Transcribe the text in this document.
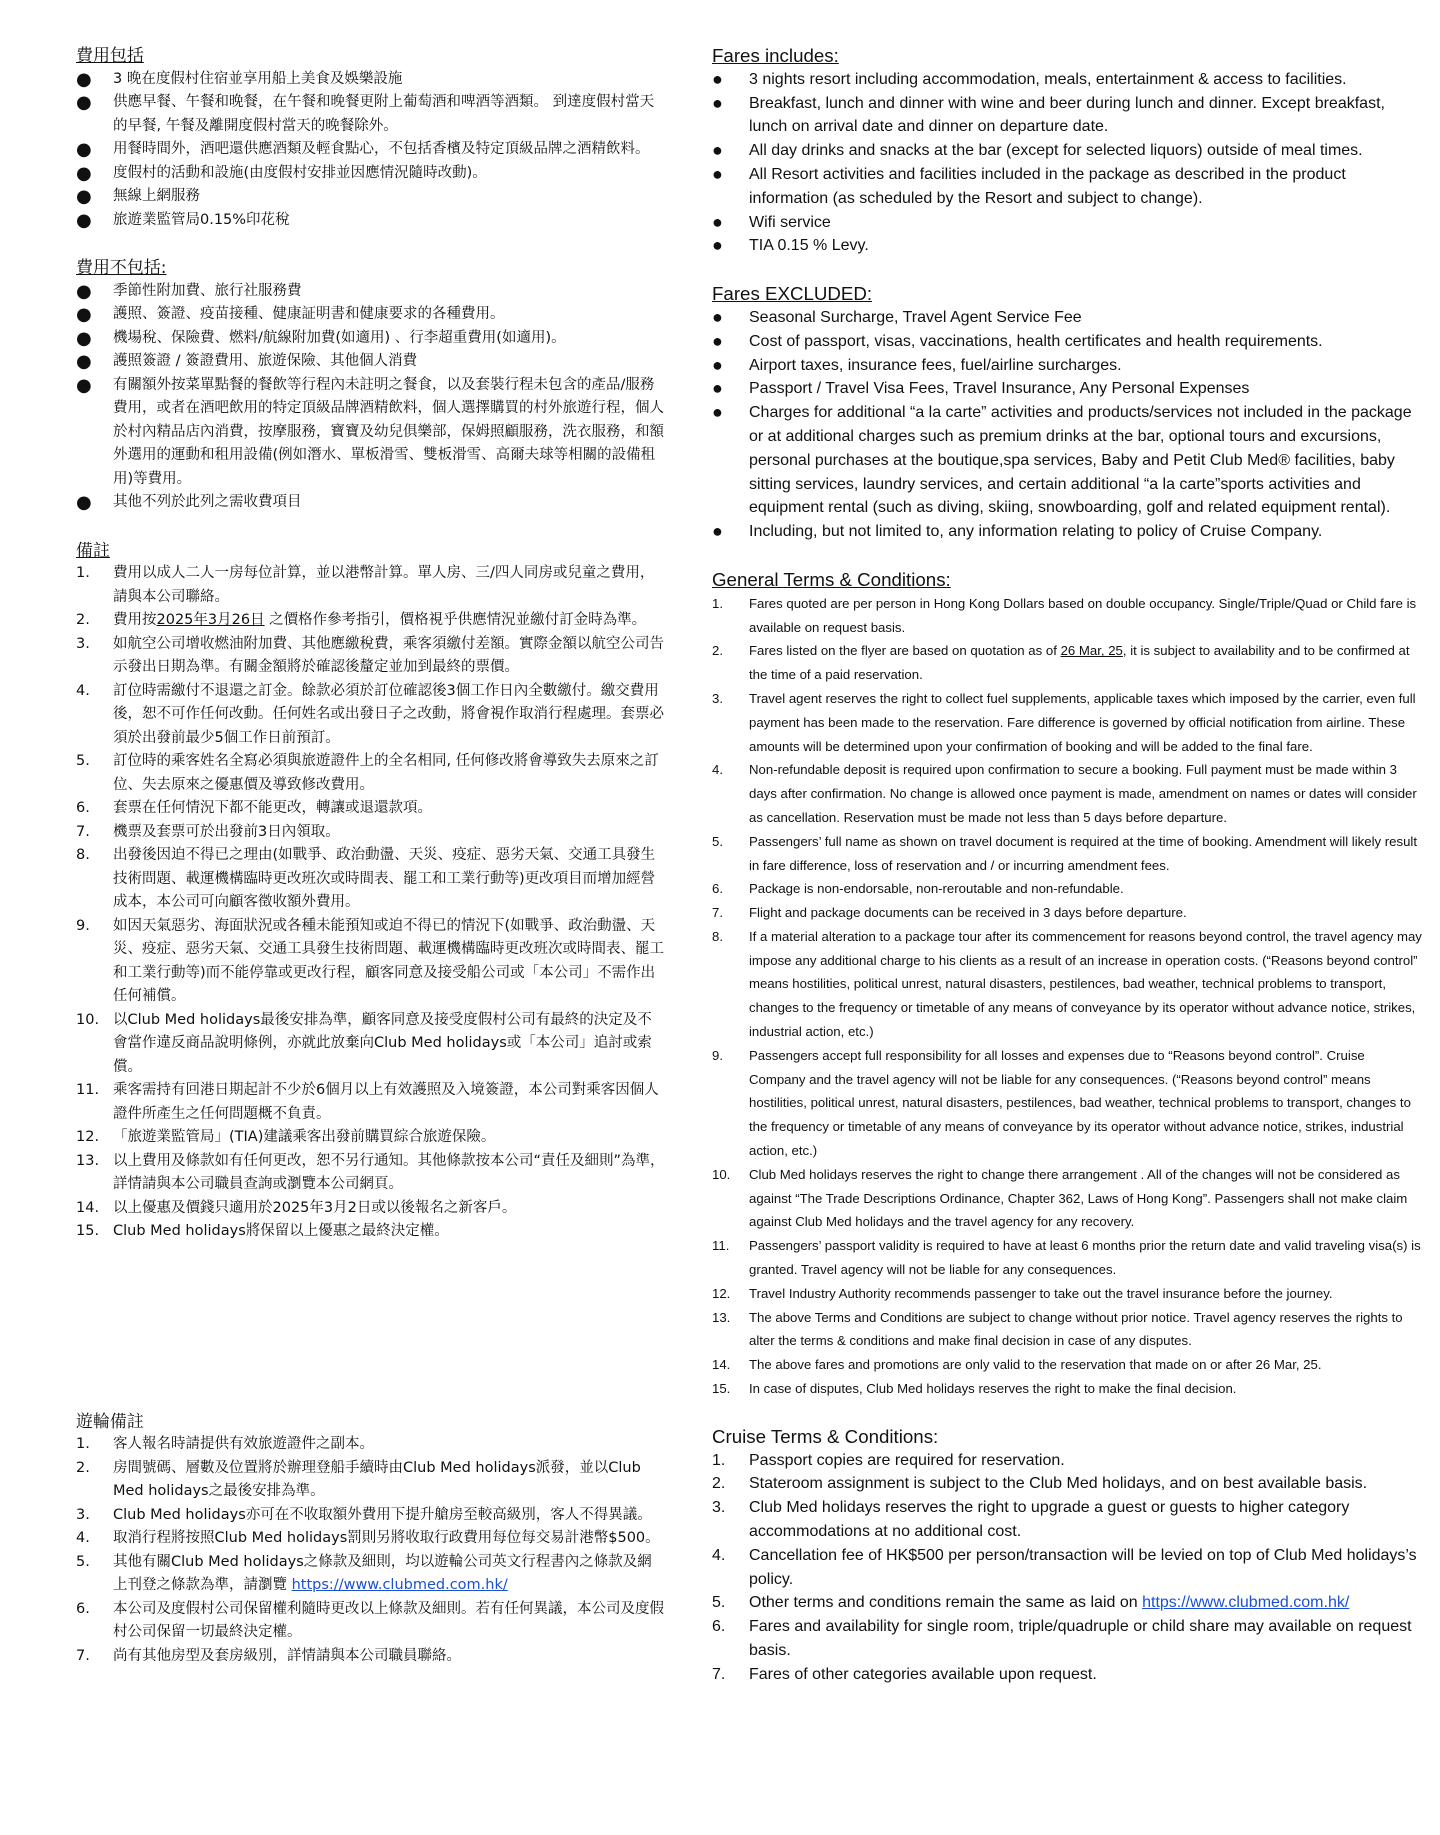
費用包括
● 3 晚在度假村住宿並享用船上美食及娛樂設施
● 供應早餐、午餐和晚餐，在午餐和晚餐更附上葡萄酒和啤酒等酒類。 到達度假村當天的早餐, 午餐及離開度假村當天的晚餐除外。
● 用餐時間外，酒吧還供應酒類及輕食點心，不包括香檳及特定頂級品牌之酒精飲料。
● 度假村的活動和設施(由度假村安排並因應情況隨時改動)。
● 無線上網服務
● 旅遊業監管局0.15%印花稅
費用不包括:
● 季節性附加費、旅行社服務費
● 護照、簽證、疫苗接種、健康証明書和健康要求的各種費用。
● 機場稅、保險費、燃料/航線附加費(如適用) 、行李超重費用(如適用)。
● 護照簽證 / 簽證費用、旅遊保險、其他個人消費
● 有關額外按菜單點餐的餐飲等行程內未註明之餐食，以及套裝行程未包含的產品/服務費用，或者在酒吧飲用的特定頂級品牌酒精飲料，個人選擇購買的村外旅遊行程，個人於村內精品店內消費，按摩服務，寶寶及幼兒俱樂部，保姆照顧服務，洗衣服務，和額外選用的運動和租用設備(例如潛水、單板滑雪、雙板滑雪、高爾夫球等相關的設備租用)等費用。
● 其他不列於此列之需收費項目
備註
1. 費用以成人二人一房每位計算，並以港幣計算。單人房、三/四人同房或兒童之費用，請與本公司聯絡。
2. 費用按2025年3月26日 之價格作參考指引，價格視乎供應情況並繳付訂金時為準。
3. 如航空公司增收燃油附加費、其他應繳稅費，乘客須繳付差額。實際金額以航空公司告示發出日期為準。有關金額將於確認後釐定並加到最終的票價。
4. 訂位時需繳付不退還之訂金。餘款必須於訂位確認後3個工作日內全數繳付。繳交費用後，恕不可作任何改動。任何姓名或出發日子之改動，將會視作取消行程處理。套票必須於出發前最少5個工作日前預訂。
5. 訂位時的乘客姓名全寫必須與旅遊證件上的全名相同, 任何修改將會導致失去原來之訂位、失去原來之優惠價及導致修改費用。
6. 套票在任何情況下都不能更改，轉讓或退還款項。
7. 機票及套票可於出發前3日內領取。
8. 出發後因迫不得已之理由(如戰爭、政治動盪、天災、疫症、惡劣天氣、交通工具發生技術問題、載運機構臨時更改班次或時間表、罷工和工業行動等)更改項目而增加經營成本，本公司可向顧客徵收額外費用。
9. 如因天氣惡劣、海面狀況或各種未能預知或迫不得已的情況下(如戰爭、政治動盪、天災、疫症、惡劣天氣、交通工具發生技術問題、載運機構臨時更改班次或時間表、罷工和工業行動等)而不能停靠或更改行程，顧客同意及接受船公司或「本公司」不需作出任何補償。
10. 以Club Med holidays最後安排為準，顧客同意及接受度假村公司有最終的決定及不會當作違反商品說明條例，亦就此放棄向Club Med holidays或「本公司」追討或索償。
11. 乘客需持有回港日期起計不少於6個月以上有效護照及入境簽證，本公司對乘客因個人證件所產生之任何問題概不負責。
12. 「旅遊業監管局」(TIA)建議乘客出發前購買綜合旅遊保險。
13. 以上費用及條款如有任何更改，恕不另行通知。其他條款按本公司“責任及細則”為準，詳情請與本公司職員查詢或瀏覽本公司網頁。
14. 以上優惠及價錢只適用於2025年3月2日或以後報名之新客戶。
15. Club Med holidays將保留以上優惠之最終決定權。
遊輪備註
1. 客人報名時請提供有效旅遊證件之副本。
2. 房間號碼、層數及位置將於辦理登船手續時由Club Med holidays派發，並以Club Med holidays之最後安排為準。
3. Club Med holidays亦可在不收取額外費用下提升艙房至較高級別，客人不得異議。
4. 取消行程將按照Club Med holidays罰則另將收取行政費用每位每交易計港幣$500。
5. 其他有關Club Med holidays之條款及細則，均以遊輪公司英文行程書內之條款及網上刊登之條款為準，請瀏覽 https://www.clubmed.com.hk/
6. 本公司及度假村公司保留權利隨時更改以上條款及細則。若有任何異議，本公司及度假村公司保留一切最終決定權。
7. 尚有其他房型及套房級別，詳情請與本公司職員聯絡。
Fares includes:
● 3 nights resort including accommodation, meals, entertainment & access to facilities.
● Breakfast, lunch and dinner with wine and beer during lunch and dinner. Except breakfast, lunch on arrival date and dinner on departure date.
● All day drinks and snacks at the bar (except for selected liquors) outside of meal times.
● All Resort activities and facilities included in the package as described in the product information (as scheduled by the Resort and subject to change).
● Wifi service
● TIA 0.15 % Levy.
Fares EXCLUDED:
● Seasonal Surcharge, Travel Agent Service Fee
● Cost of passport, visas, vaccinations, health certificates and health requirements.
● Airport taxes, insurance fees, fuel/airline surcharges.
● Passport / Travel Visa Fees, Travel Insurance, Any Personal Expenses
● Charges for additional “a la carte” activities and products/services not included in the package or at additional charges such as premium drinks at the bar, optional tours and excursions, personal purchases at the boutique,spa services, Baby and Petit Club Med® facilities, baby sitting services, laundry services, and certain additional “a la carte”sports activities and equipment rental (such as diving, skiing, snowboarding, golf and related equipment rental).
● Including, but not limited to, any information relating to policy of Cruise Company.
General Terms & Conditions:
1. Fares quoted are per person in Hong Kong Dollars based on double occupancy. Single/Triple/Quad or Child fare is available on request basis.
2. Fares listed on the flyer are based on quotation as of 26 Mar, 25, it is subject to availability and to be confirmed at the time of a paid reservation.
3. Travel agent reserves the right to collect fuel supplements, applicable taxes which imposed by the carrier, even full payment has been made to the reservation. Fare difference is governed by official notification from airline. These amounts will be determined upon your confirmation of booking and will be added to the final fare.
4. Non-refundable deposit is required upon confirmation to secure a booking. Full payment must be made within 3 days after confirmation. No change is allowed once payment is made, amendment on names or dates will consider as cancellation. Reservation must be made not less than 5 days before departure.
5. Passengers’ full name as shown on travel document is required at the time of booking. Amendment will likely result in fare difference, loss of reservation and / or incurring amendment fees.
6. Package is non-endorsable, non-reroutable and non-refundable.
7. Flight and package documents can be received in 3 days before departure.
8. If a material alteration to a package tour after its commencement for reasons beyond control, the travel agency may impose any additional charge to his clients as a result of an increase in operation costs. (“Reasons beyond control” means hostilities, political unrest, natural disasters, pestilences, bad weather, technical problems to transport, changes to the frequency or timetable of any means of conveyance by its operator without advance notice, strikes, industrial action, etc.)
9. Passengers accept full responsibility for all losses and expenses due to “Reasons beyond control”. Cruise Company and the travel agency will not be liable for any consequences. (“Reasons beyond control” means hostilities, political unrest, natural disasters, pestilences, bad weather, technical problems to transport, changes to the frequency or timetable of any means of conveyance by its operator without advance notice, strikes, industrial action, etc.)
10. Club Med holidays reserves the right to change there arrangement . All of the changes will not be considered as against “The Trade Descriptions Ordinance, Chapter 362, Laws of Hong Kong”. Passengers shall not make claim against Club Med holidays and the travel agency for any recovery.
11. Passengers’ passport validity is required to have at least 6 months prior the return date and valid traveling visa(s) is granted. Travel agency will not be liable for any consequences.
12. Travel Industry Authority recommends passenger to take out the travel insurance before the journey.
13. The above Terms and Conditions are subject to change without prior notice. Travel agency reserves the rights to alter the terms & conditions and make final decision in case of any disputes.
14. The above fares and promotions are only valid to the reservation that made on or after 26 Mar, 25.
15. In case of disputes, Club Med holidays reserves the right to make the final decision.
Cruise Terms & Conditions:
1. Passport copies are required for reservation.
2. Stateroom assignment is subject to the Club Med holidays, and on best available basis.
3. Club Med holidays reserves the right to upgrade a guest or guests to higher category accommodations at no additional cost.
4. Cancellation fee of HK$500 per person/transaction will be levied on top of Club Med holidays’s policy.
5. Other terms and conditions remain the same as laid on https://www.clubmed.com.hk/
6. Fares and availability for single room, triple/quadruple or child share may available on request basis.
7. Fares of other categories available upon request.
